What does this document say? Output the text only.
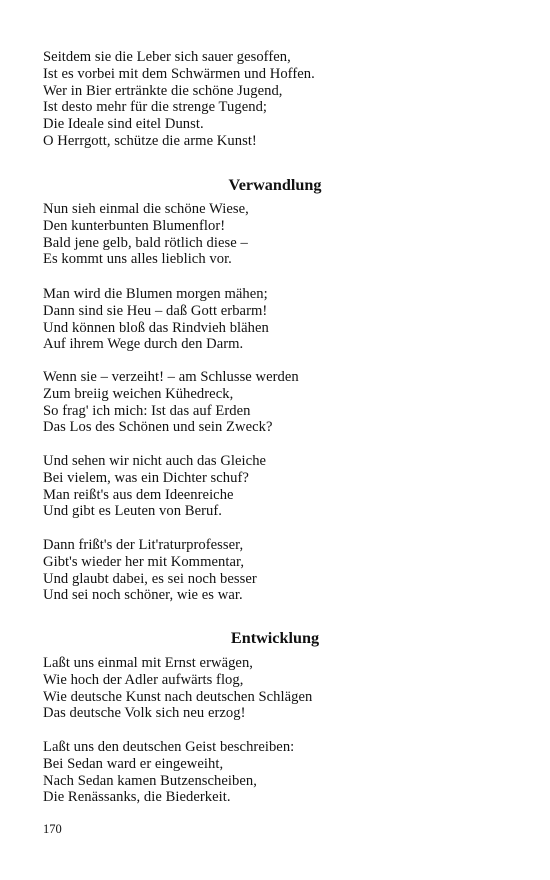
Seitdem sie die Leber sich sauer gesoffen,
Ist es vorbei mit dem Schwärmen und Hoffen.
Wer in Bier ertränkte die schöne Jugend,
Ist desto mehr für die strenge Tugend;
Die Ideale sind eitel Dunst.
O Herrgott, schütze die arme Kunst!
Verwandlung
Nun sieh einmal die schöne Wiese,
Den kunterbunten Blumenflor!
Bald jene gelb, bald rötlich diese –
Es kommt uns alles lieblich vor.
Man wird die Blumen morgen mähen;
Dann sind sie Heu – daß Gott erbarm!
Und können bloß das Rindvieh blähen
Auf ihrem Wege durch den Darm.
Wenn sie – verzeiht! – am Schlusse werden
Zum breiig weichen Kühedreck,
So frag' ich mich: Ist das auf Erden
Das Los des Schönen und sein Zweck?
Und sehen wir nicht auch das Gleiche
Bei vielem, was ein Dichter schuf?
Man reißt's aus dem Ideenreiche
Und gibt es Leuten von Beruf.
Dann frißt's der Lit'raturprofesser,
Gibt's wieder her mit Kommentar,
Und glaubt dabei, es sei noch besser
Und sei noch schöner, wie es war.
Entwicklung
Laßt uns einmal mit Ernst erwägen,
Wie hoch der Adler aufwärts flog,
Wie deutsche Kunst nach deutschen Schlägen
Das deutsche Volk sich neu erzog!
Laßt uns den deutschen Geist beschreiben:
Bei Sedan ward er eingeweiht,
Nach Sedan kamen Butzenscheiben,
Die Renässanks, die Biederkeit.
170
